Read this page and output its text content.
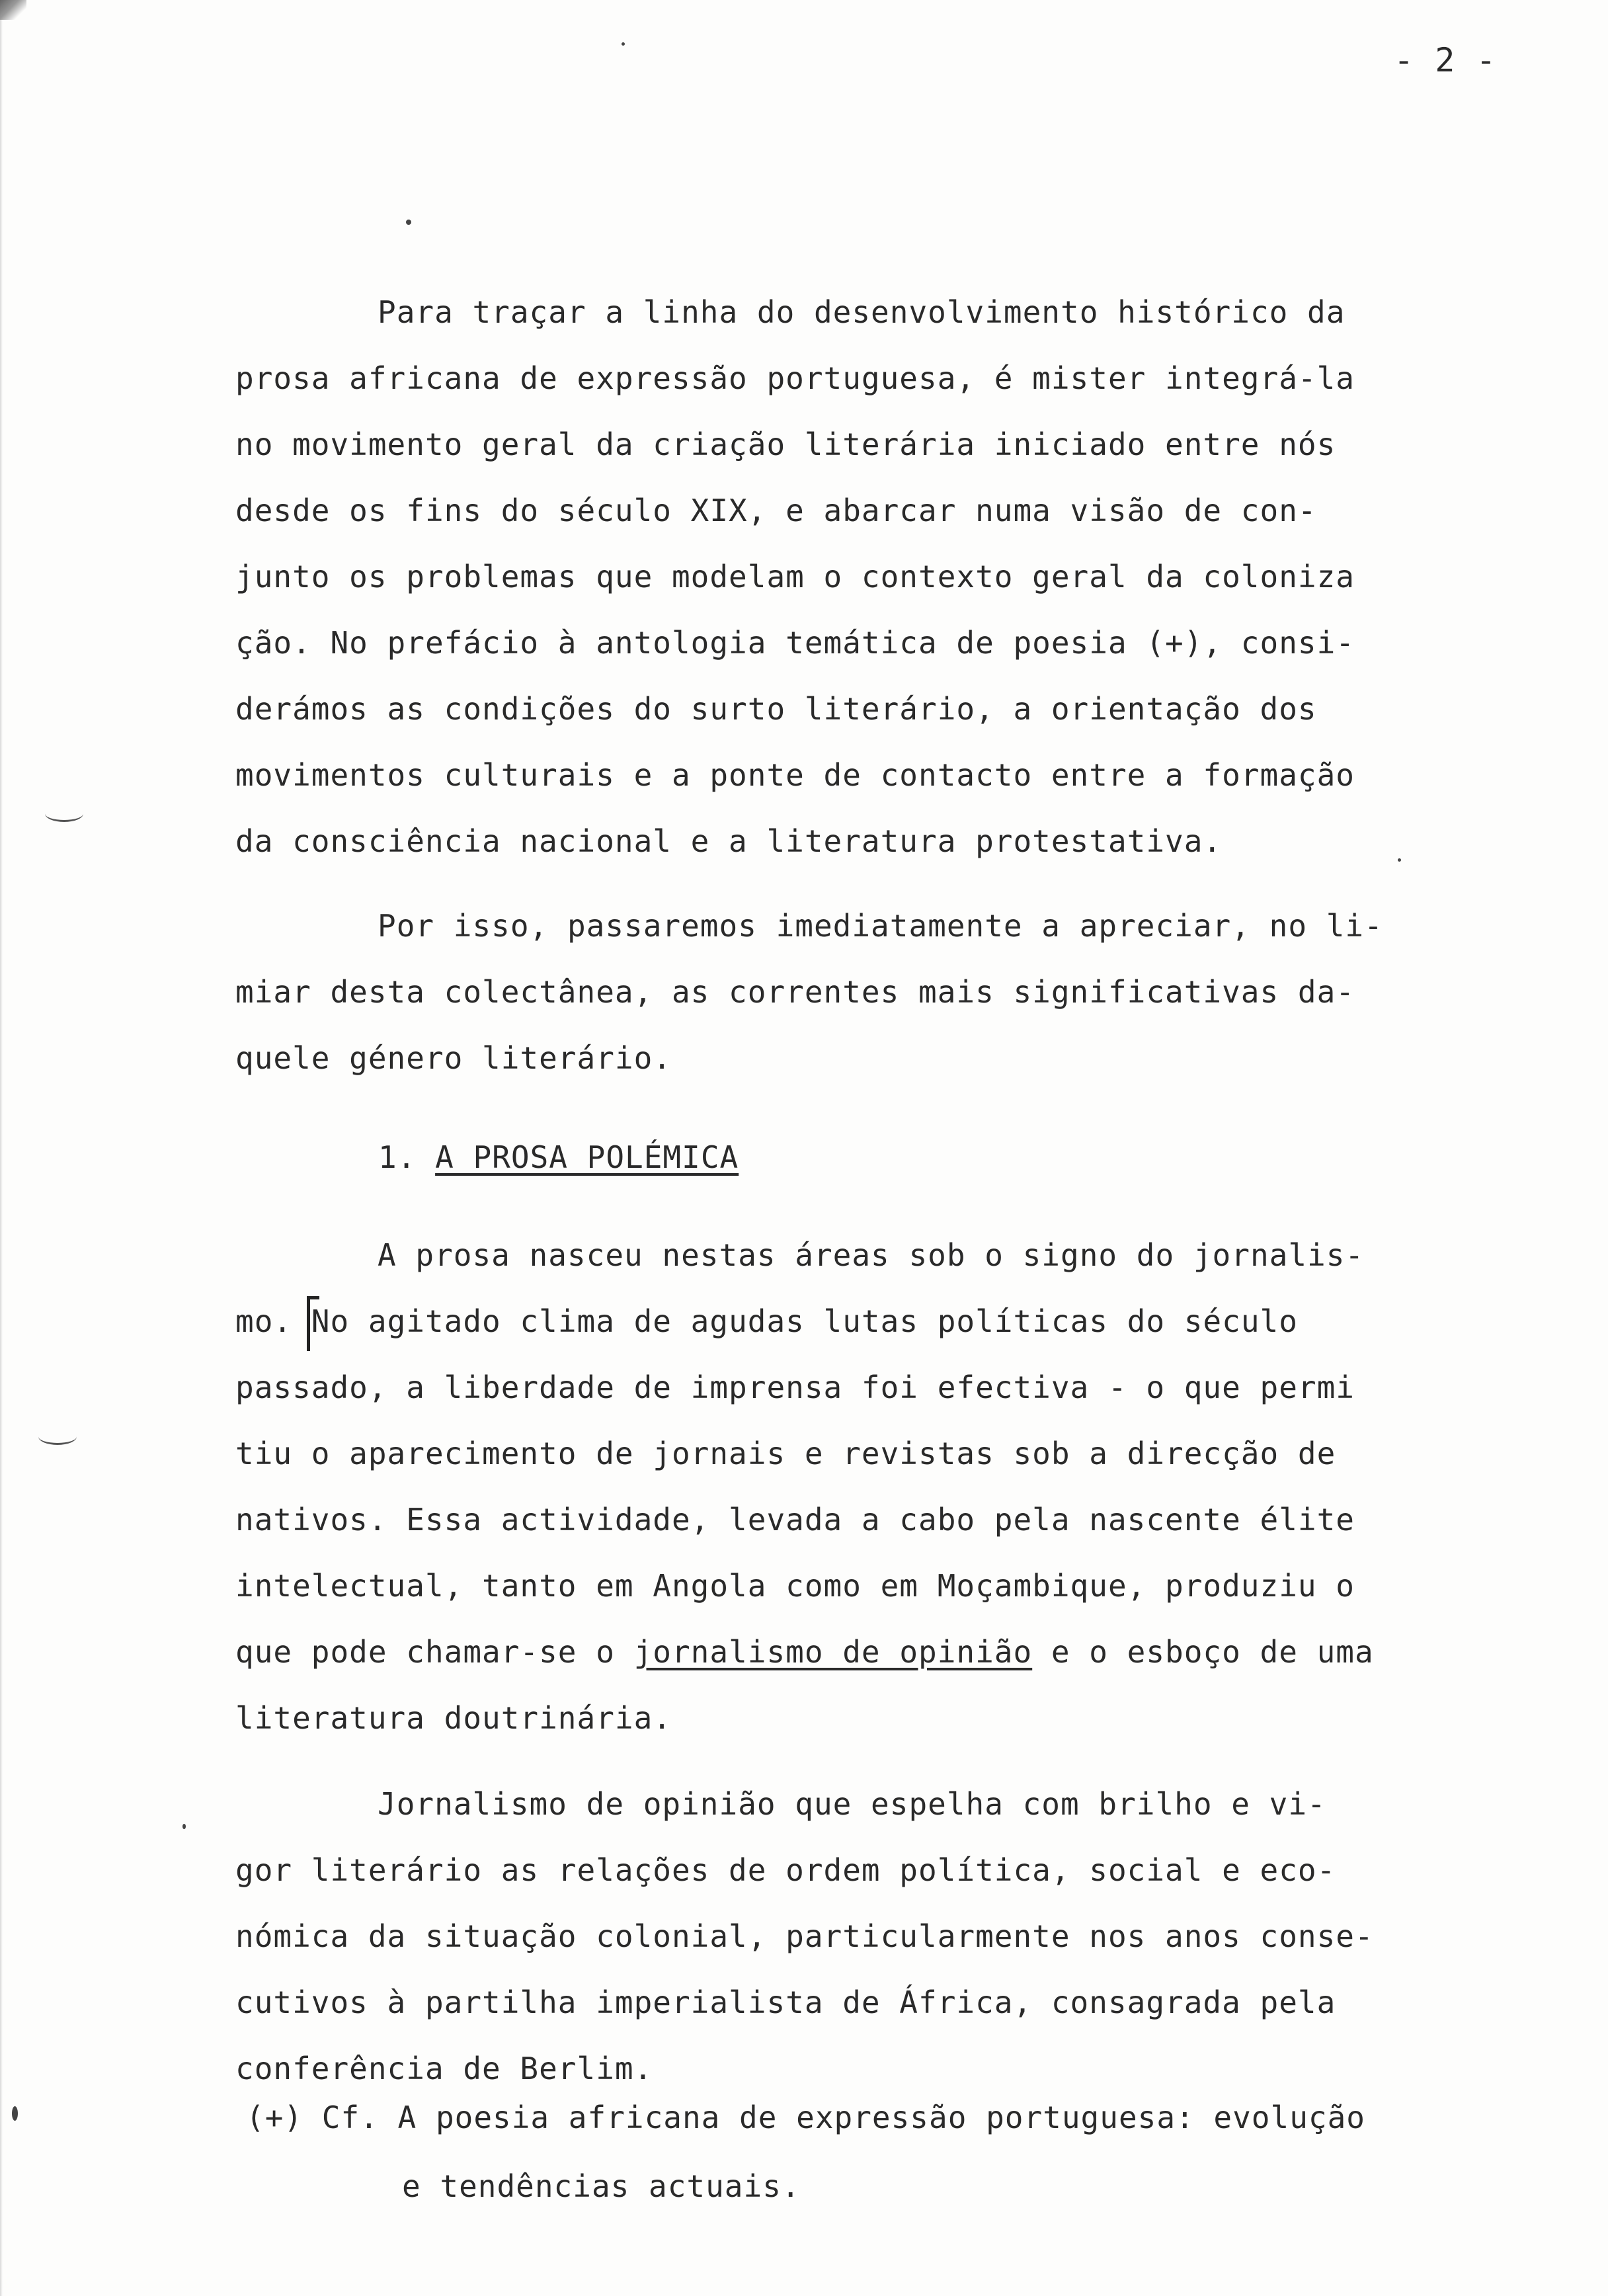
- 2 -
Para traçar a linha do desenvolvimento histórico da
prosa africana de expressão portuguesa, é mister integrá-la
no movimento geral da criação literária iniciado entre nós
desde os fins do século XIX, e abarcar numa visão de con-
junto os problemas que modelam o contexto geral da coloniza
ção. No prefácio à antologia temática de poesia (+), consi-
derámos as condições do surto literário, a orientação dos
movimentos culturais e a ponte de contacto entre a formação
da consciência nacional e a literatura protestativa.
Por isso, passaremos imediatamente a apreciar, no li-
miar desta colectânea, as correntes mais significativas da-
quele género literário.
1. A PROSA POLÉMICA
A prosa nasceu nestas áreas sob o signo do jornalis-
mo. No agitado clima de agudas lutas políticas do século
passado, a liberdade de imprensa foi efectiva - o que permi
tiu o aparecimento de jornais e revistas sob a direcção de
nativos. Essa actividade, levada a cabo pela nascente élite
intelectual, tanto em Angola como em Moçambique, produziu o
que pode chamar-se o jornalismo de opinião e o esboço de uma
literatura doutrinária.
Jornalismo de opinião que espelha com brilho e vi-
gor literário as relações de ordem política, social e eco-
nómica da situação colonial, particularmente nos anos conse-
cutivos à partilha imperialista de África, consagrada pela
conferência de Berlim.
(+) Cf. A poesia africana de expressão portuguesa: evolução
e tendências actuais.
